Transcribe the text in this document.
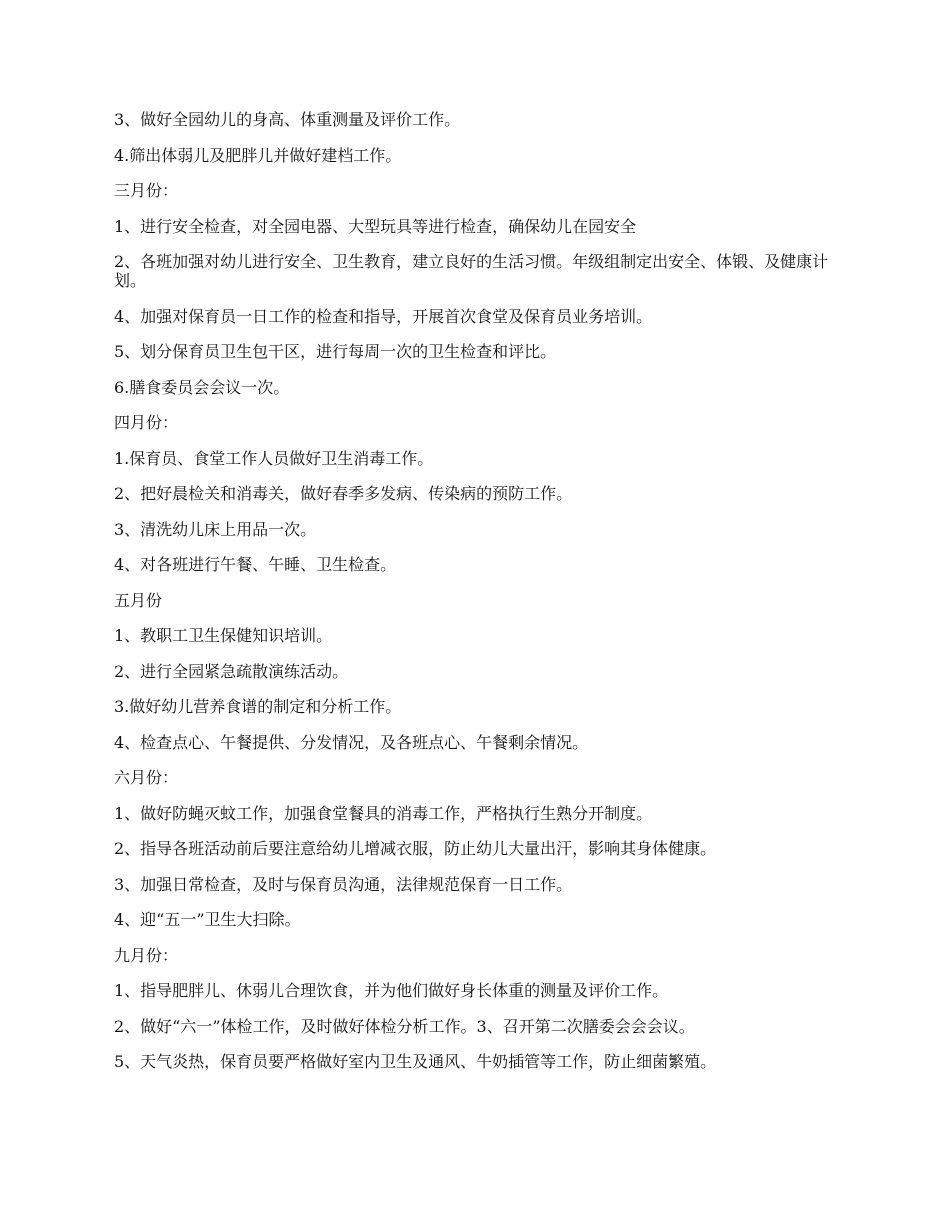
3、做好全园幼儿的身高、体重测量及评价工作。
4.筛出体弱儿及肥胖儿并做好建档工作。
三月份：
1、进行安全检查，对全园电器、大型玩具等进行检查，确保幼儿在园安全
2、各班加强对幼儿进行安全、卫生教育，建立良好的生活习惯。年级组制定出安全、体锻、及健康计划。
4、加强对保育员一日工作的检查和指导，开展首次食堂及保育员业务培训。
5、划分保育员卫生包干区，进行每周一次的卫生检查和评比。
6.膳食委员会会议一次。
四月份：
1.保育员、食堂工作人员做好卫生消毒工作。
2、把好晨检关和消毒关，做好春季多发病、传染病的预防工作。
3、清洗幼儿床上用品一次。
4、对各班进行午餐、午睡、卫生检查。
五月份
1、教职工卫生保健知识培训。
2、进行全园紧急疏散演练活动。
3.做好幼儿营养食谱的制定和分析工作。
4、检查点心、午餐提供、分发情况，及各班点心、午餐剩余情况。
六月份：
1、做好防蝇灭蚊工作，加强食堂餐具的消毒工作，严格执行生熟分开制度。
2、指导各班活动前后要注意给幼儿增减衣服，防止幼儿大量出汗，影响其身体健康。
3、加强日常检查，及时与保育员沟通，法律规范保育一日工作。
4、迎“五一”卫生大扫除。
九月份：
1、指导肥胖儿、休弱儿合理饮食，并为他们做好身长体重的测量及评价工作。
2、做好“六一”体检工作，及时做好体检分析工作。3、召开第二次膳委会会会议。
5、天气炎热，保育员要严格做好室内卫生及通风、牛奶插管等工作，防止细菌繁殖。
